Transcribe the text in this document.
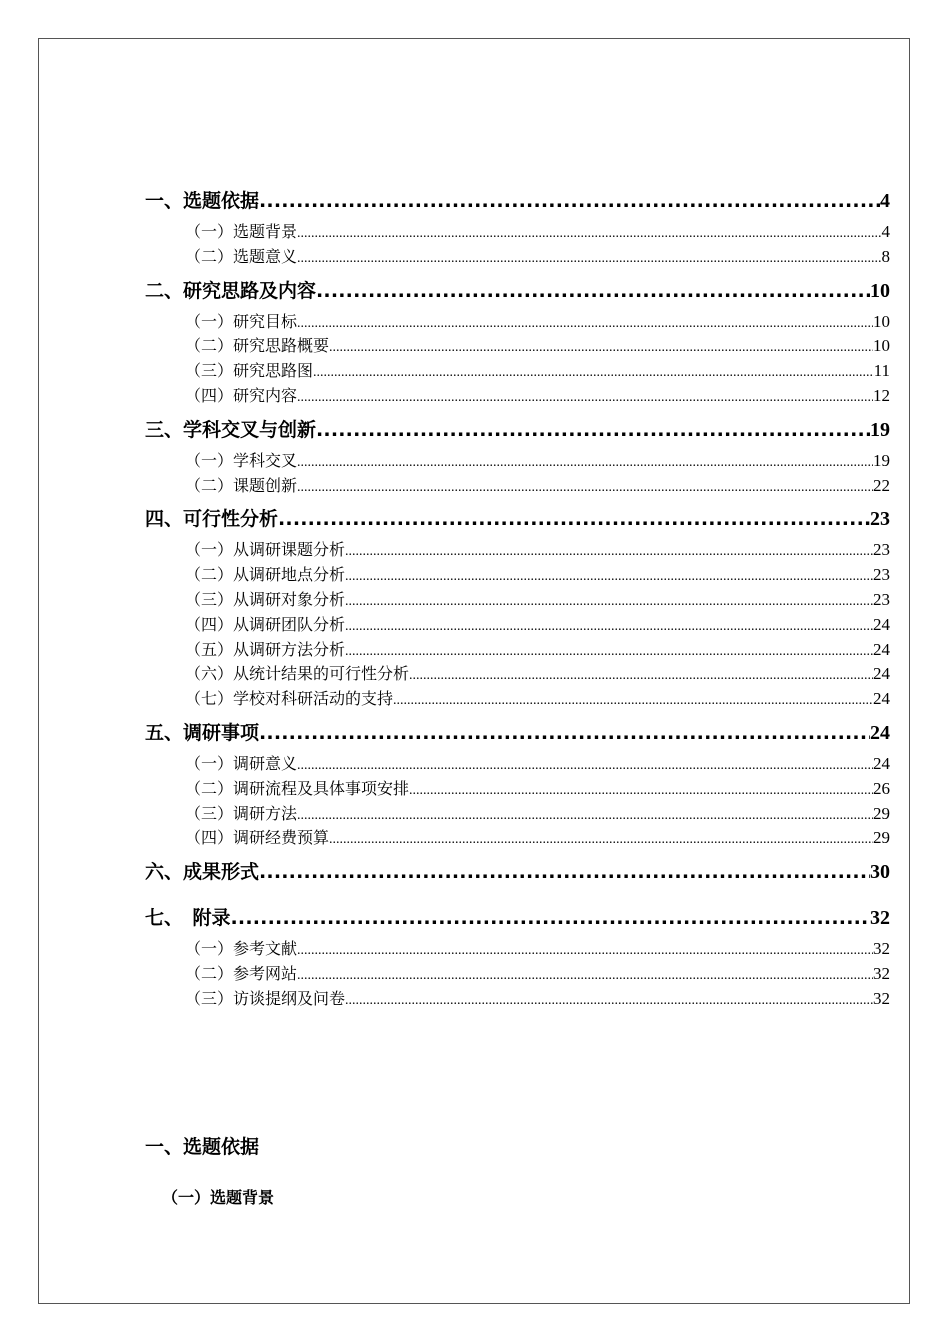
一、选题依据 .....	4
（一）选题背景 .....	4
（二）选题意义 .....	8
二、研究思路及内容 .....	10
（一）研究目标 .....	10
（二）研究思路概要 .....	10
（三）研究思路图 .....	11
（四）研究内容 .....	12
三、学科交叉与创新 .....	19
（一）学科交叉 .....	19
（二）课题创新 .....	22
四、可行性分析 .....	23
（一）从调研课题分析 .....	23
（二）从调研地点分析 .....	23
（三）从调研对象分析 .....	23
（四）从调研团队分析 .....	24
（五）从调研方法分析 .....	24
（六）从统计结果的可行性分析 .....	24
（七）学校对科研活动的支持 .....	24
五、调研事项 .....	24
（一）调研意义 .....	24
（二）调研流程及具体事项安排 .....	26
（三）调研方法 .....	29
（四）调研经费预算 .....	29
六、成果形式 .....	30
七、　附录 .....	32
（一）参考文献 .....	32
（二）参考网站 .....	32
（三）访谈提纲及问卷 .....	32
一、选题依据
（一）选题背景
